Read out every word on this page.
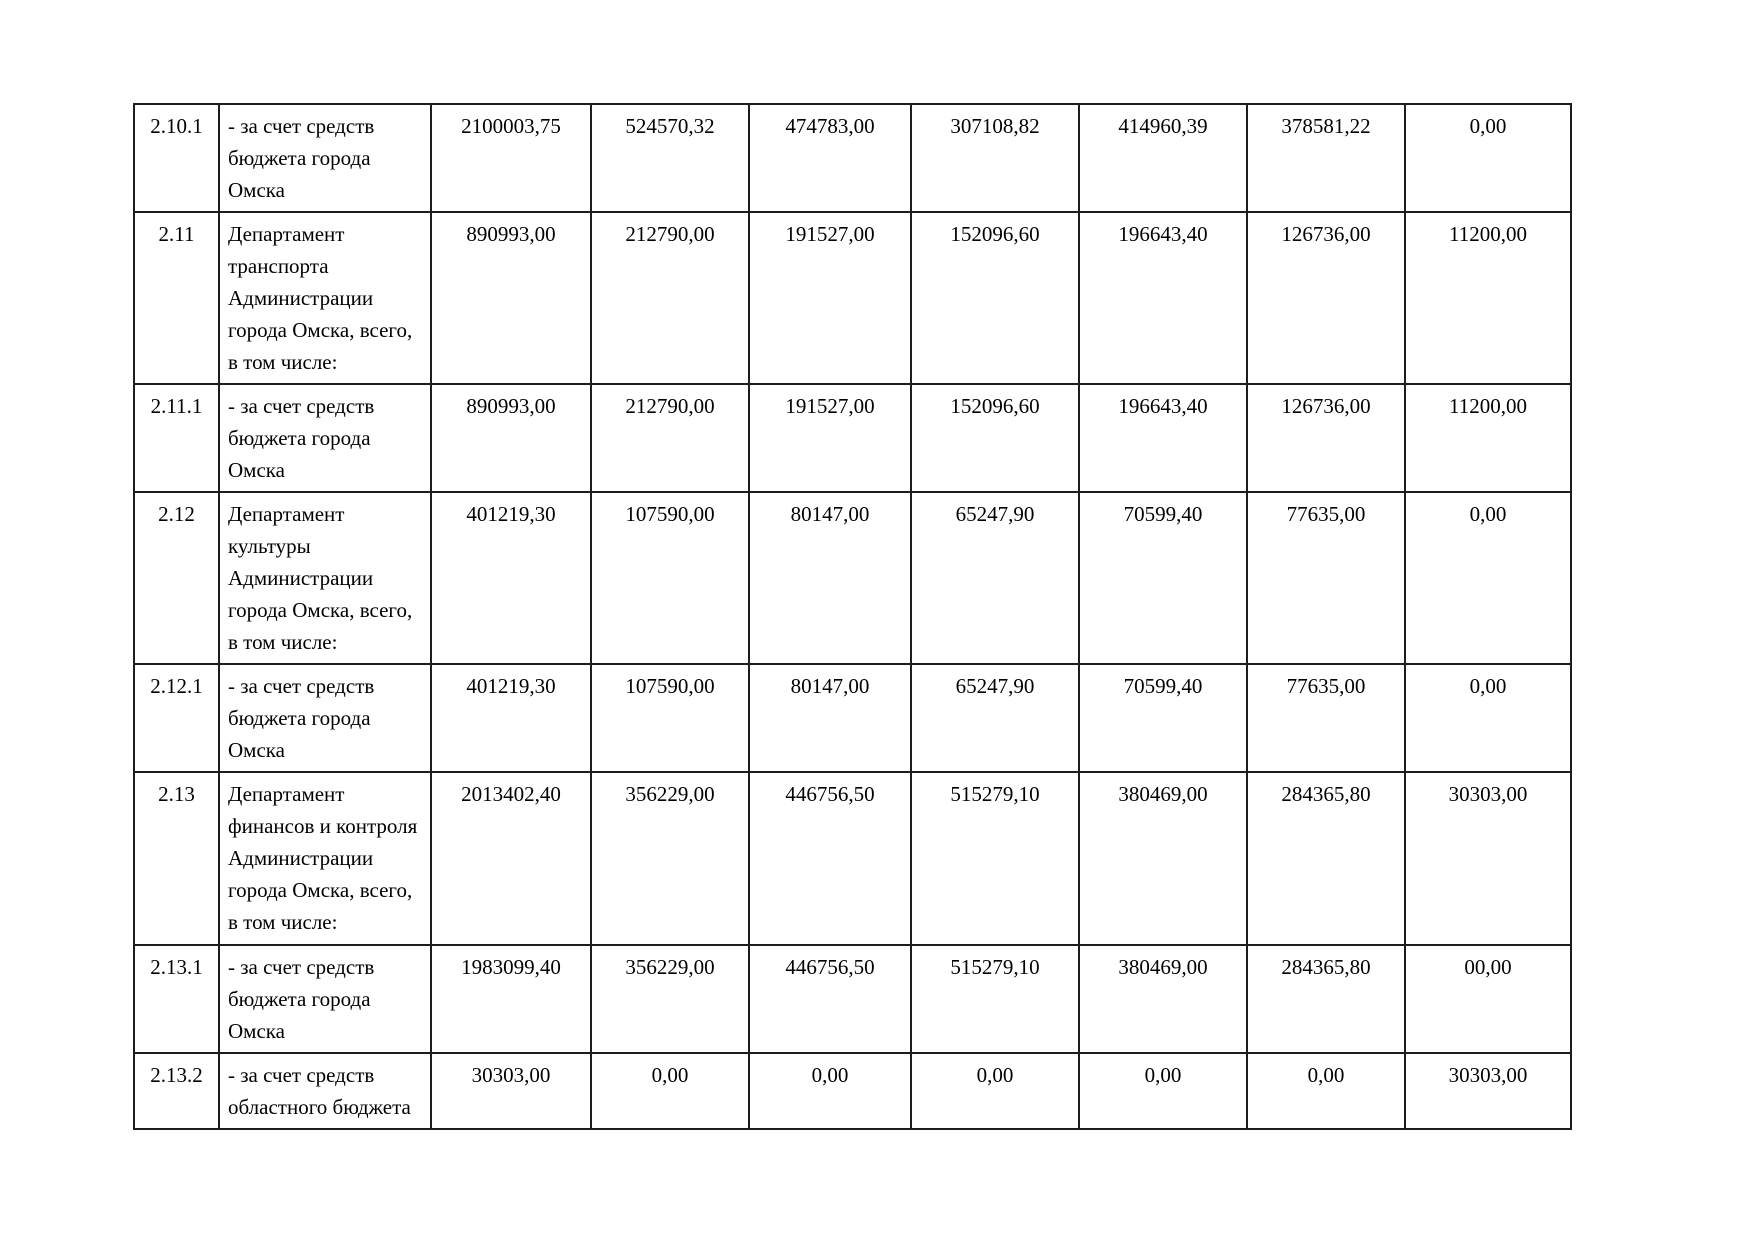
2.10.1	- за счет средств бюджета города Омска	2100003,75	524570,32	474783,00	307108,82	414960,39	378581,22	0,00
2.11	Департамент транспорта Администрации города Омска, всего, в том числе:	890993,00	212790,00	191527,00	152096,60	196643,40	126736,00	11200,00
2.11.1	- за счет средств бюджета города Омска	890993,00	212790,00	191527,00	152096,60	196643,40	126736,00	11200,00
2.12	Департамент культуры Администрации города Омска, всего, в том числе:	401219,30	107590,00	80147,00	65247,90	70599,40	77635,00	0,00
2.12.1	- за счет средств бюджета города Омска	401219,30	107590,00	80147,00	65247,90	70599,40	77635,00	0,00
2.13	Департамент финансов и контроля Администрации города Омска, всего, в том числе:	2013402,40	356229,00	446756,50	515279,10	380469,00	284365,80	30303,00
2.13.1	- за счет средств бюджета города Омска	1983099,40	356229,00	446756,50	515279,10	380469,00	284365,80	00,00
2.13.2	- за счет средств областного бюджета	30303,00	0,00	0,00	0,00	0,00	0,00	30303,00
